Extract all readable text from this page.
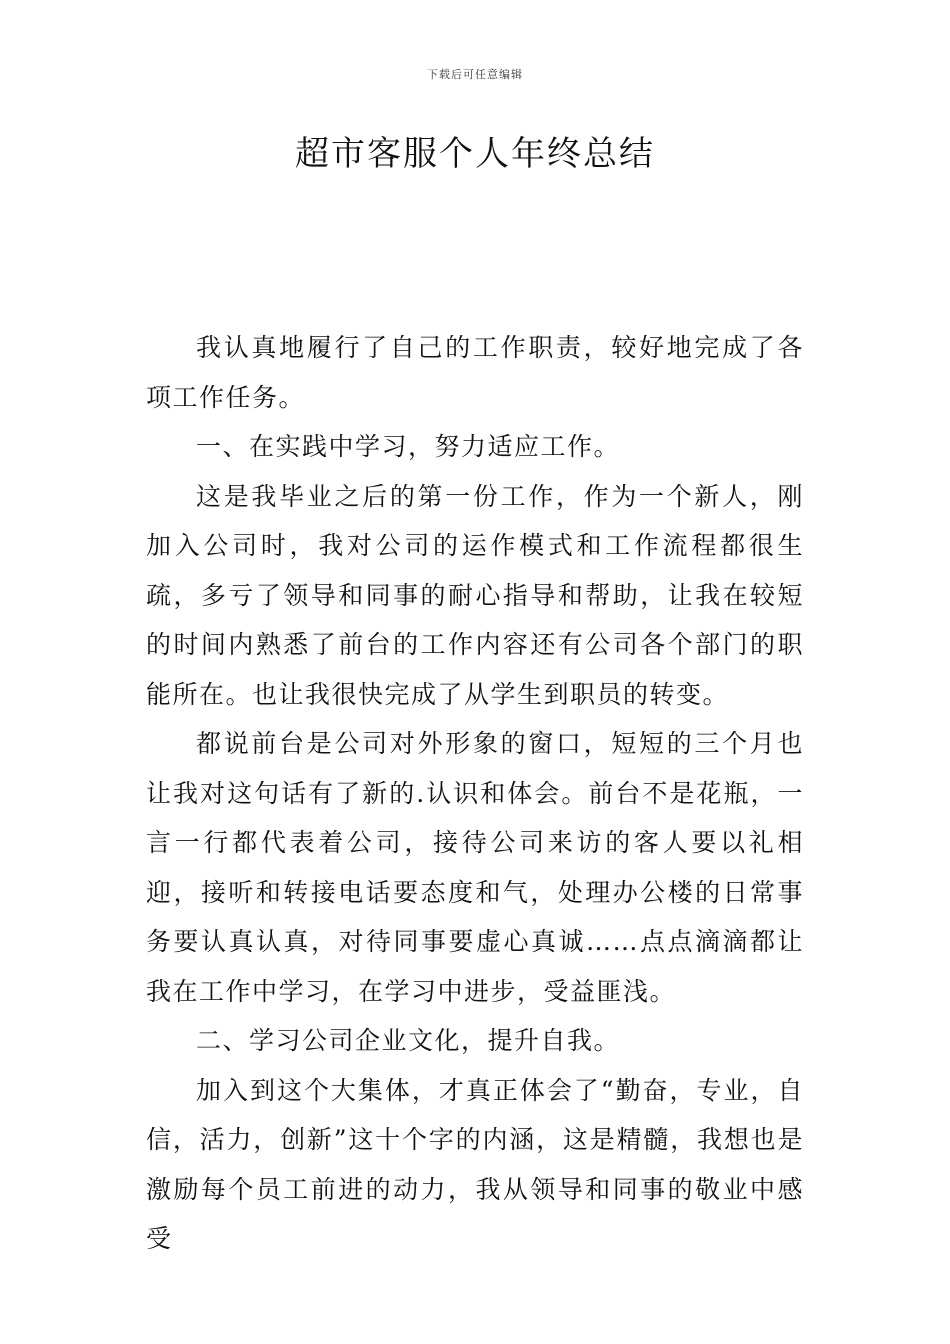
下载后可任意编辑
超市客服个人年终总结

我认真地履行了自己的工作职责，较好地完成了各项工作任务。

一、在实践中学习，努力适应工作。

这是我毕业之后的第一份工作，作为一个新人，刚加入公司时，我对公司的运作模式和工作流程都很生疏，多亏了领导和同事的耐心指导和帮助，让我在较短的时间内熟悉了前台的工作内容还有公司各个部门的职能所在。也让我很快完成了从学生到职员的转变。

都说前台是公司对外形象的窗口，短短的三个月也让我对这句话有了新的.认识和体会。前台不是花瓶，一言一行都代表着公司，接待公司来访的客人要以礼相迎，接听和转接电话要态度和气，处理办公楼的日常事务要认真认真，对待同事要虚心真诚……点点滴滴都让我在工作中学习，在学习中进步，受益匪浅。

二、学习公司企业文化，提升自我。

加入到这个大集体，才真正体会了“勤奋，专业，自信，活力，创新”这十个字的内涵，这是精髓，我想也是激励每个员工前进的动力，我从领导和同事的敬业中感受
